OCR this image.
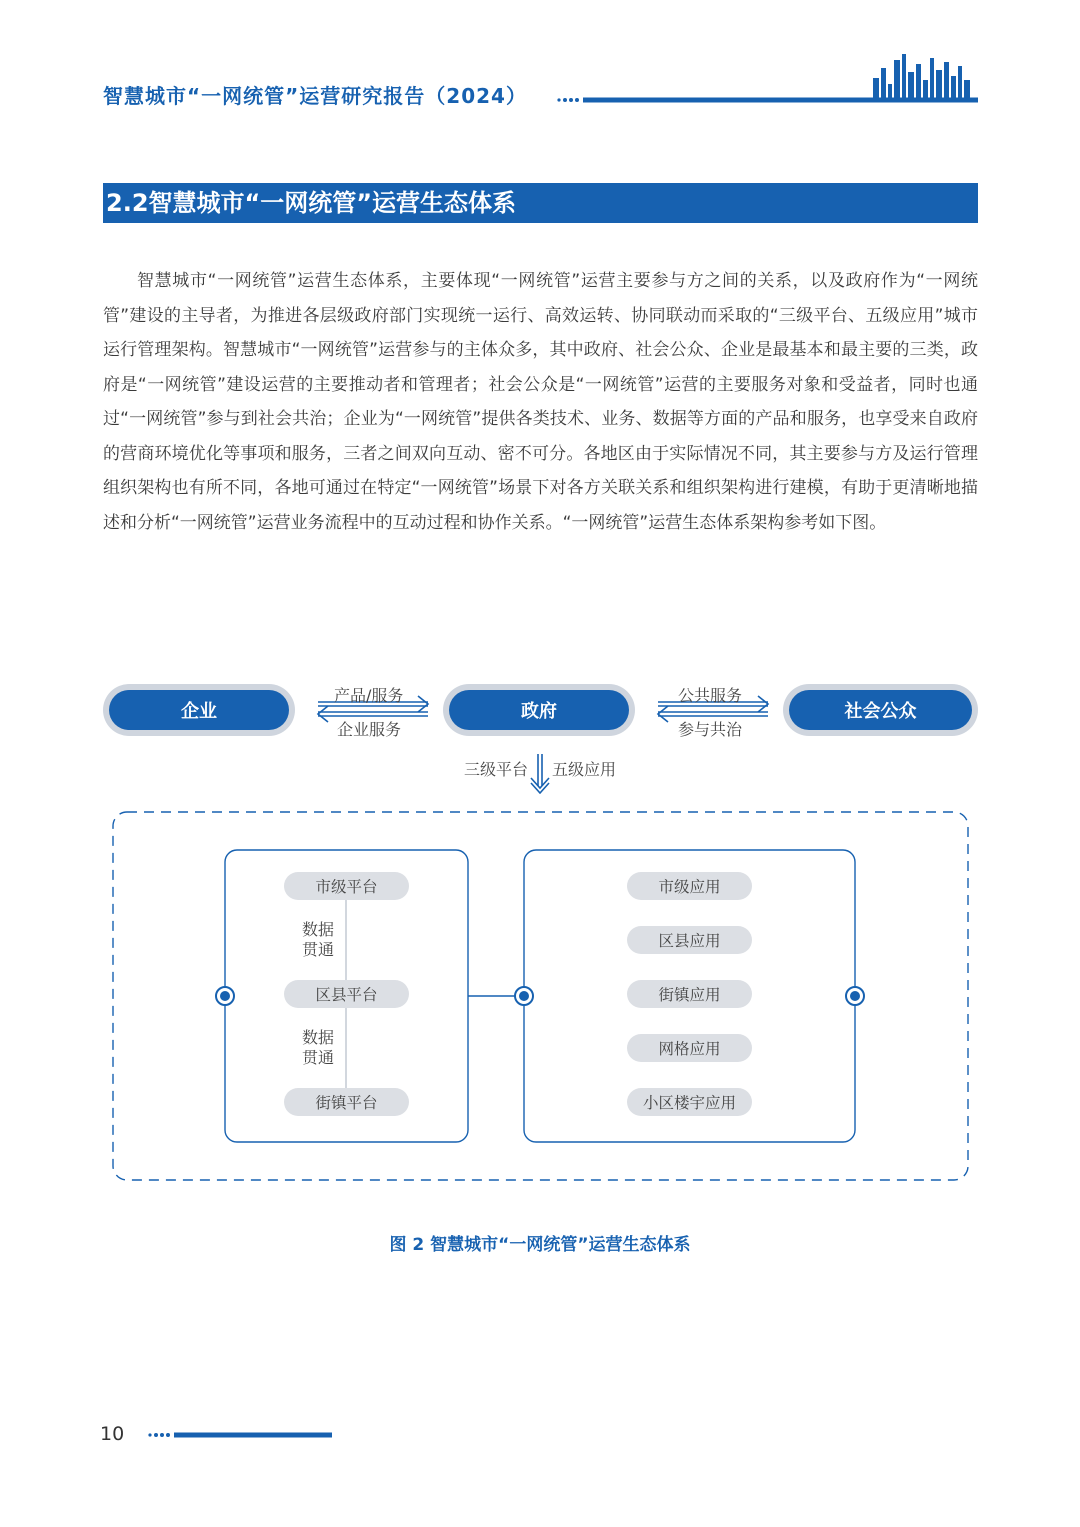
智慧城市“一网统管”运营研究报告（2024）
2.2智慧城市“一网统管”运营生态体系

智慧城市“一网统管”运营生态体系，主要体现“一网统管”运营主要参与方之间的关系，以及政府作为“一网统管”建设的主导者，为推进各层级政府部门实现统一运行、高效运转、协同联动而采取的“三级平台、五级应用”城市运行管理架构。智慧城市“一网统管”运营参与的主体众多，其中政府、社会公众、企业是最基本和最主要的三类，政府是“一网统管”建设运营的主要推动者和管理者；社会公众是“一网统管”运营的主要服务对象和受益者，同时也通过“一网统管”参与到社会共治；企业为“一网统管”提供各类技术、业务、数据等方面的产品和服务，也享受来自政府的营商环境优化等事项和服务，三者之间双向互动、密不可分。各地区由于实际情况不同，其主要参与方及运行管理组织架构也有所不同，各地可通过在特定“一网统管”场景下对各方关联关系和组织架构进行建模，有助于更清晰地描述和分析“一网统管”运营业务流程中的互动过程和协作关系。“一网统管”运营生态体系架构参考如下图。

企业	政府	社会公众
产品/服务
企业服务
公共服务
参与共治
三级平台 五级应用
市级平台
区县平台
街镇平台
数据
贯通
数据
贯通
市级应用
区县应用
街镇应用
网格应用
小区楼宇应用
图 2 智慧城市“一网统管”运营生态体系
10
